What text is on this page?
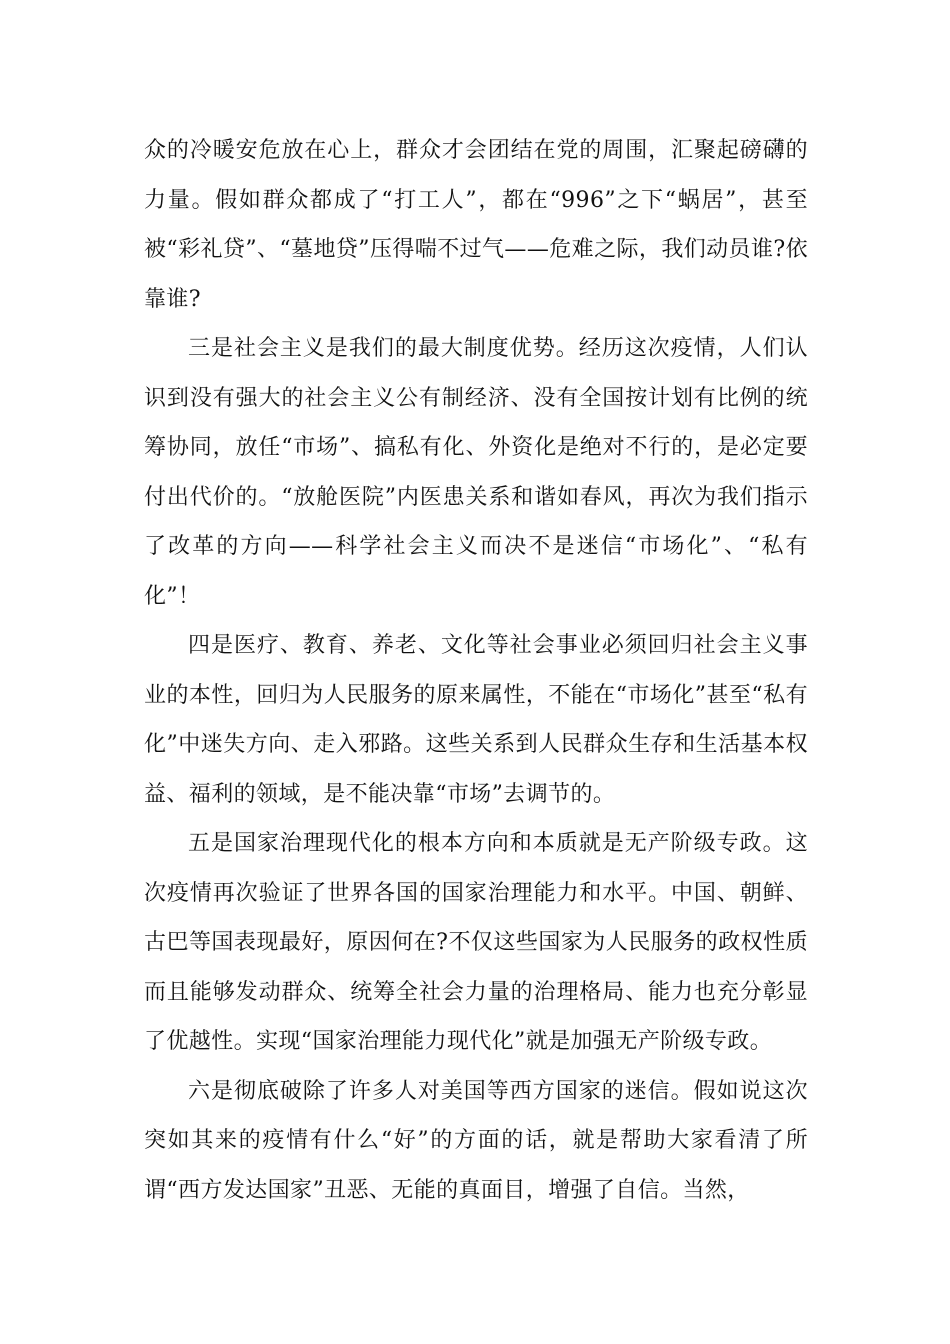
众的冷暖安危放在心上，群众才会团结在党的周围，汇聚起磅礴的力量。假如群众都成了“打工人”，都在“996”之下“蜗居”，甚至被“彩礼贷”、“墓地贷”压得喘不过气——危难之际，我们动员谁?依靠谁?

三是社会主义是我们的最大制度优势。经历这次疫情，人们认识到没有强大的社会主义公有制经济、没有全国按计划有比例的统筹协同，放任“市场”、搞私有化、外资化是绝对不行的，是必定要付出代价的。“放舱医院”内医患关系和谐如春风，再次为我们指示了改革的方向——科学社会主义而决不是迷信“市场化”、“私有化”！

四是医疗、教育、养老、文化等社会事业必须回归社会主义事业的本性，回归为人民服务的原来属性，不能在“市场化”甚至“私有化”中迷失方向、走入邪路。这些关系到人民群众生存和生活基本权益、福利的领域，是不能决靠“市场”去调节的。

五是国家治理现代化的根本方向和本质就是无产阶级专政。这次疫情再次验证了世界各国的国家治理能力和水平。中国、朝鲜、古巴等国表现最好，原因何在?不仅这些国家为人民服务的政权性质而且能够发动群众、统筹全社会力量的治理格局、能力也充分彰显了优越性。实现“国家治理能力现代化”就是加强无产阶级专政。

六是彻底破除了许多人对美国等西方国家的迷信。假如说这次突如其来的疫情有什么“好”的方面的话，就是帮助大家看清了所谓“西方发达国家”丑恶、无能的真面目，增强了自信。当然，
